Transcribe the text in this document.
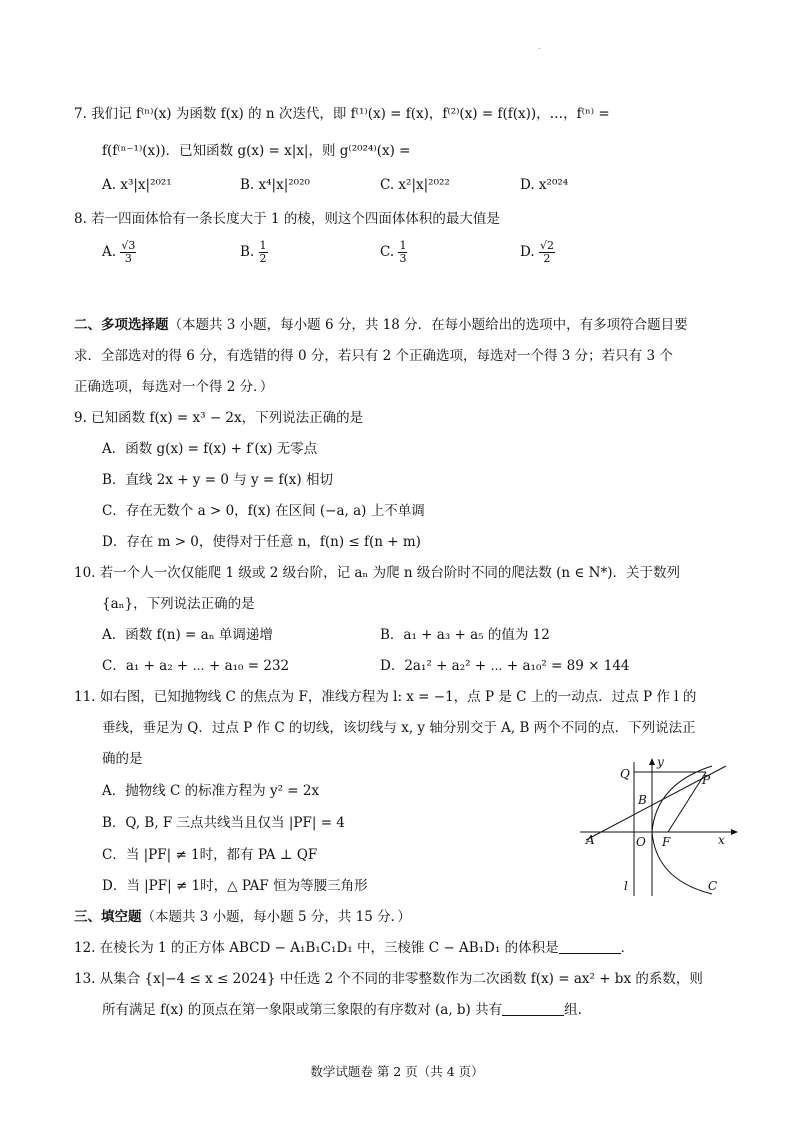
.
7. 我们记 f⁽ⁿ⁾(x) 为函数 f(x) 的 n 次迭代，即 f⁽¹⁾(x) = f(x)，f⁽²⁾(x) = f(f(x))，…，f⁽ⁿ⁾ =
f(f⁽ⁿ⁻¹⁾(x))．已知函数 g(x) = x|x|，则 g⁽²⁰²⁴⁾(x) =
A. x³|x|²⁰²¹	B. x⁴|x|²⁰²⁰	C. x²|x|²⁰²²	D. x²⁰²⁴
8. 若一四面体恰有一条长度大于 1 的棱，则这个四面体体积的最大值是
A. $\frac{√3}{3}$	B. $\frac{1}{2}$	C. $\frac{1}{3}$	D. $\frac{√2}{2}$
二、多项选择题（本题共 3 小题，每小题 6 分，共 18 分．在每小题给出的选项中，有多项符合题目要
求．全部选对的得 6 分，有选错的得 0 分，若只有 2 个正确选项，每选对一个得 3 分；若只有 3 个
正确选项，每选对一个得 2 分．）
9. 已知函数 f(x) = x³ − 2x，下列说法正确的是
A．函数 g(x) = f(x) + f′(x) 无零点
B．直线 2x + y = 0 与 y = f(x) 相切
C．存在无数个 a > 0，f(x) 在区间 (−a, a) 上不单调
D．存在 m > 0，使得对于任意 n，f(n) ≤ f(n + m)
10. 若一个人一次仅能爬 1 级或 2 级台阶，记 aₙ 为爬 n 级台阶时不同的爬法数 (n ∈ N*)．关于数列
{aₙ}，下列说法正确的是
A．函数 f(n) = aₙ 单调递增	B．a₁ + a₃ + a₅ 的值为 12
C．a₁ + a₂ + ⋯ + a₁₀ = 232	D．2a₁² + a₂² + ⋯ + a₁₀² = 89 × 144
11. 如右图，已知抛物线 C 的焦点为 F，准线方程为 l: x = −1，点 P 是 C 上的一动点．过点 P 作 l 的
垂线，垂足为 Q．过点 P 作 C 的切线，该切线与 x, y 轴分别交于 A, B 两个不同的点．下列说法正
确的是
A．抛物线 C 的标准方程为 y² = 2x
B．Q, B, F 三点共线当且仅当 |PF| = 4
C．当 |PF| ≠ 1时，都有 PA ⊥ QF
D．当 |PF| ≠ 1时，△ PAF 恒为等腰三角形
y
Q	P
B
A	O F	x
l	C
三、填空题（本题共 3 小题，每小题 5 分，共 15 分．）
12. 在棱长为 1 的正方体 ABCD − A₁B₁C₁D₁ 中，三棱锥 C − AB₁D₁ 的体积是	．
13. 从集合 {x|−4 ≤ x ≤ 2024} 中任选 2 个不同的非零整数作为二次函数 f(x) = ax² + bx 的系数，则
所有满足 f(x) 的顶点在第一象限或第三象限的有序数对 (a, b) 共有	组.
数学试题卷 第 2 页（共 4 页）
